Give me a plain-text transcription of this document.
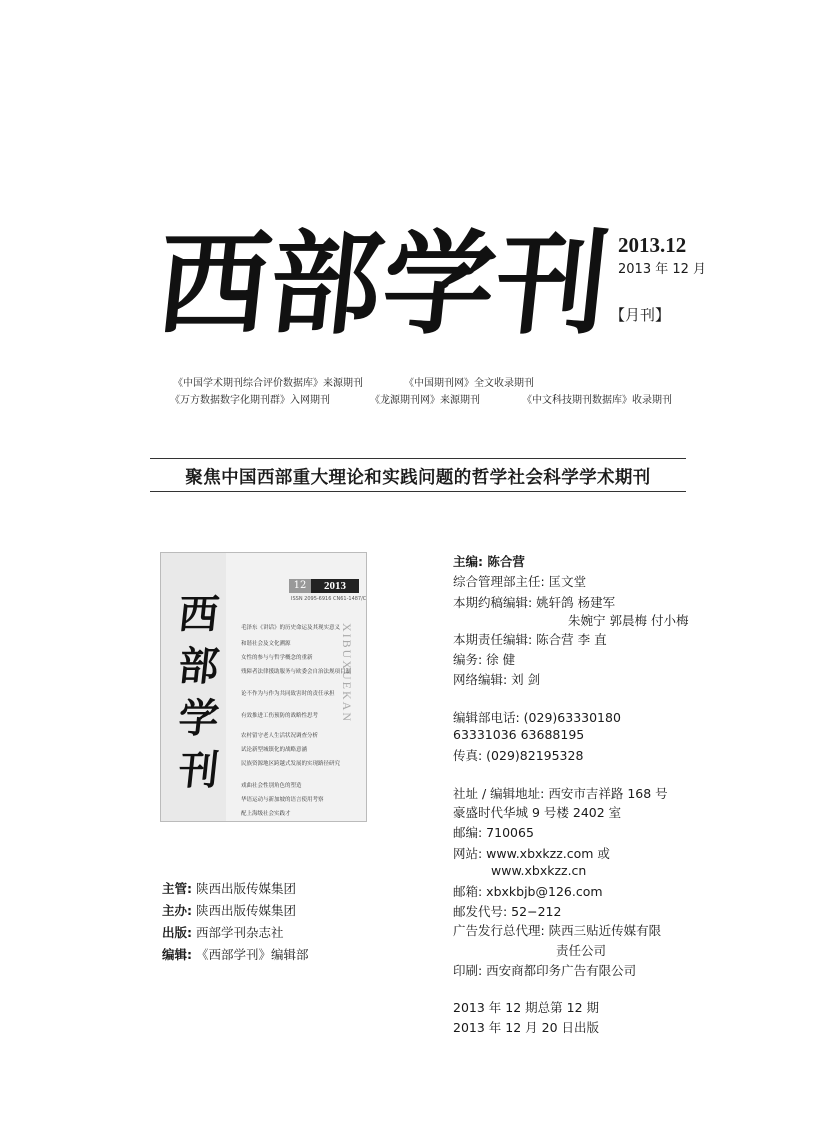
西
部
学
刊 2013.12
2013 年 12 月
【月刊】
《中国学术期刊综合评价数据库》来源期刊	《中国期刊网》全文收录期刊
《万方数据数字化期刊群》入网期刊	《龙源期刊网》来源期刊	《中文科技期刊数据库》收录期刊
聚焦中国西部重大理论和实践问题的哲学社会科学学术期刊
西
部
学
刊
12	2013
ISSN 2095-6916 CN61-1487/C
XIBUXUEKAN
毛泽东《讲话》的历史命运及其现实意义
和谐社会及文化溯源
女性的参与与哲学概念的重新
残障者法律援助服务与欧委会自治法规项目制
论不作为与作为共同致害时的责任承担
有效推进工伤预防的战略性思考
农村留守老人生活状况调查分析
试论新型城镇化的战略意涵
民族资源地区跨越式发展的实现路径研究
戏曲社会性别角色的塑造
华语运动与新加坡的语言使用考察
配上海级社会实践才
主管: 陕西出版传媒集团
主办: 陕西出版传媒集团
出版: 西部学刊杂志社
编辑: 《西部学刊》编辑部
主编: 陈合营
综合管理部主任: 匡文堂
本期约稿编辑: 姚轩鸽 杨建军
朱婉宁 郭晨梅 付小梅
本期责任编辑: 陈合营 李 直
编务: 徐 健
网络编辑: 刘 剑
编辑部电话: (029)63330180
63331036 63688195
传真: (029)82195328
社址 / 编辑地址: 西安市吉祥路 168 号
豪盛时代华城 9 号楼 2402 室
邮编: 710065
网站: www.xbxkzz.com 或
www.xbxkzz.cn
邮箱: xbxkbjb@126.com
邮发代号: 52−212
广告发行总代理: 陕西三贴近传媒有限
责任公司
印刷: 西安商都印务广告有限公司
2013 年 12 期总第 12 期
2013 年 12 月 20 日出版
